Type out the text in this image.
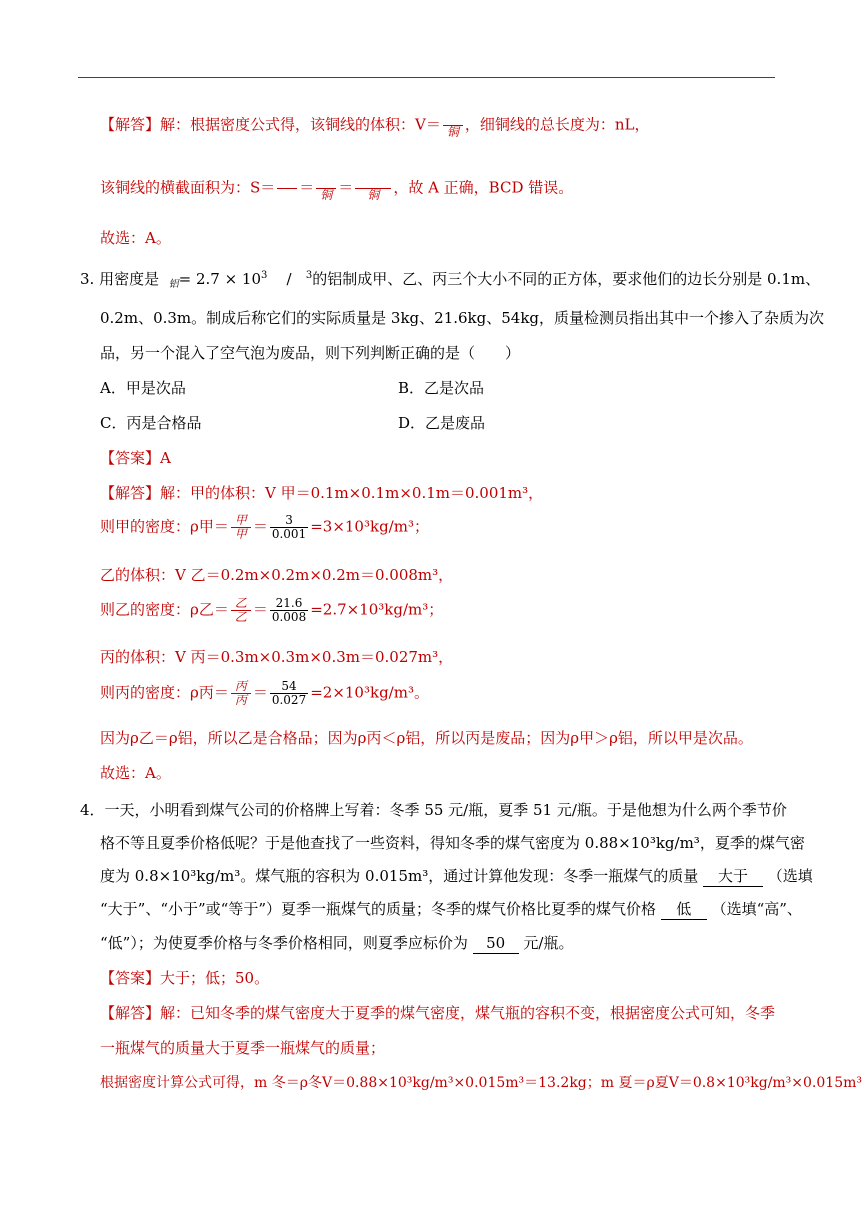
【解答】解：根据密度公式得，该铜线的体积：V＝
铜 ，细铜线的总长度为：nL，
该铜线的横截面积为：S＝

＝
铜 ＝
	铜 ，故 A 正确，BCD 错误。
故选：A。
3. 用密度是 $_铝= 2.7 \times 10^3 / ^3$的铝制成甲、乙、丙三个大小不同的正方体，要求他们的边长分别是 0.1m、
0.2m、0.3m。制成后称它们的实际质量是 3kg、21.6kg、54kg，质量检测员指出其中一个掺入了杂质为次
品，另一个混入了空气泡为废品，则下列判断正确的是（　　）
A．甲是次品	B．乙是次品
C．丙是合格品	D．乙是废品
【答案】A
【解答】解：甲的体积：V 甲＝0.1m×0.1m×0.1m＝0.001m³，
则甲的密度：ρ甲＝ $\frac{\text{甲}}{\text{甲}} = \frac{3}{0.001} =3\times 10^3kg/m^3$；
乙的体积：V 乙＝0.2m×0.2m×0.2m＝0.008m³，
则乙的密度：ρ乙＝ $\frac{\text{乙}}{\text{乙}} = \frac{21.6}{0.008} =2.7\times 10^3kg/m^3$；
丙的体积：V 丙＝0.3m×0.3m×0.3m＝0.027m³，
则丙的密度：ρ丙＝ $\frac{\text{丙}}{\text{丙}} = \frac{54}{0.027} =2\times 10^3kg/m^3$。
因为ρ乙＝ρ铝，所以乙是合格品；因为ρ丙＜ρ铝，所以丙是废品；因为ρ甲＞ρ铝，所以甲是次品。
故选：A。
4．一天，小明看到煤气公司的价格牌上写着：冬季 55 元/瓶，夏季 51 元/瓶。于是他想为什么两个季节价
格不等且夏季价格低呢？于是他查找了一些资料，得知冬季的煤气密度为 0.88×10³kg/m³，夏季的煤气密
度为 0.8×10³kg/m³。煤气瓶的容积为 0.015m³，通过计算他发现：冬季一瓶煤气的质量 大于 （选填
“大于”、“小于”或“等于”）夏季一瓶煤气的质量；冬季的煤气价格比夏季的煤气价格 低 （选填“高”、
“低”）；为使夏季价格与冬季价格相同，则夏季应标价为 50 元/瓶。
【答案】大于；低；50。
【解答】解：已知冬季的煤气密度大于夏季的煤气密度，煤气瓶的容积不变，根据密度公式可知，冬季
一瓶煤气的质量大于夏季一瓶煤气的质量；
根据密度计算公式可得，m 冬＝ρ冬V＝0.88×10³kg/m³×0.015m³＝13.2kg；m 夏＝ρ夏V＝0.8×10³kg/m³×0.015m³
